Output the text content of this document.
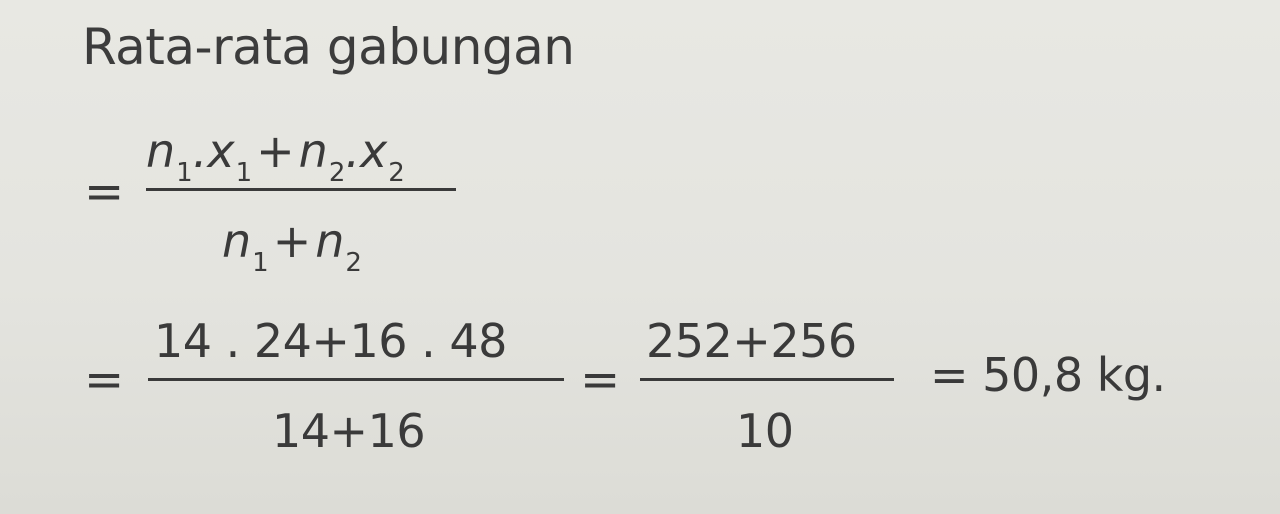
Rata-rata gabungan
=
$n_1.x_1+n_2.x_2$
$n_1+n_2$
=
14 . 24+16 . 48
14+16
=
252+256
10
= 50,8 kg.
